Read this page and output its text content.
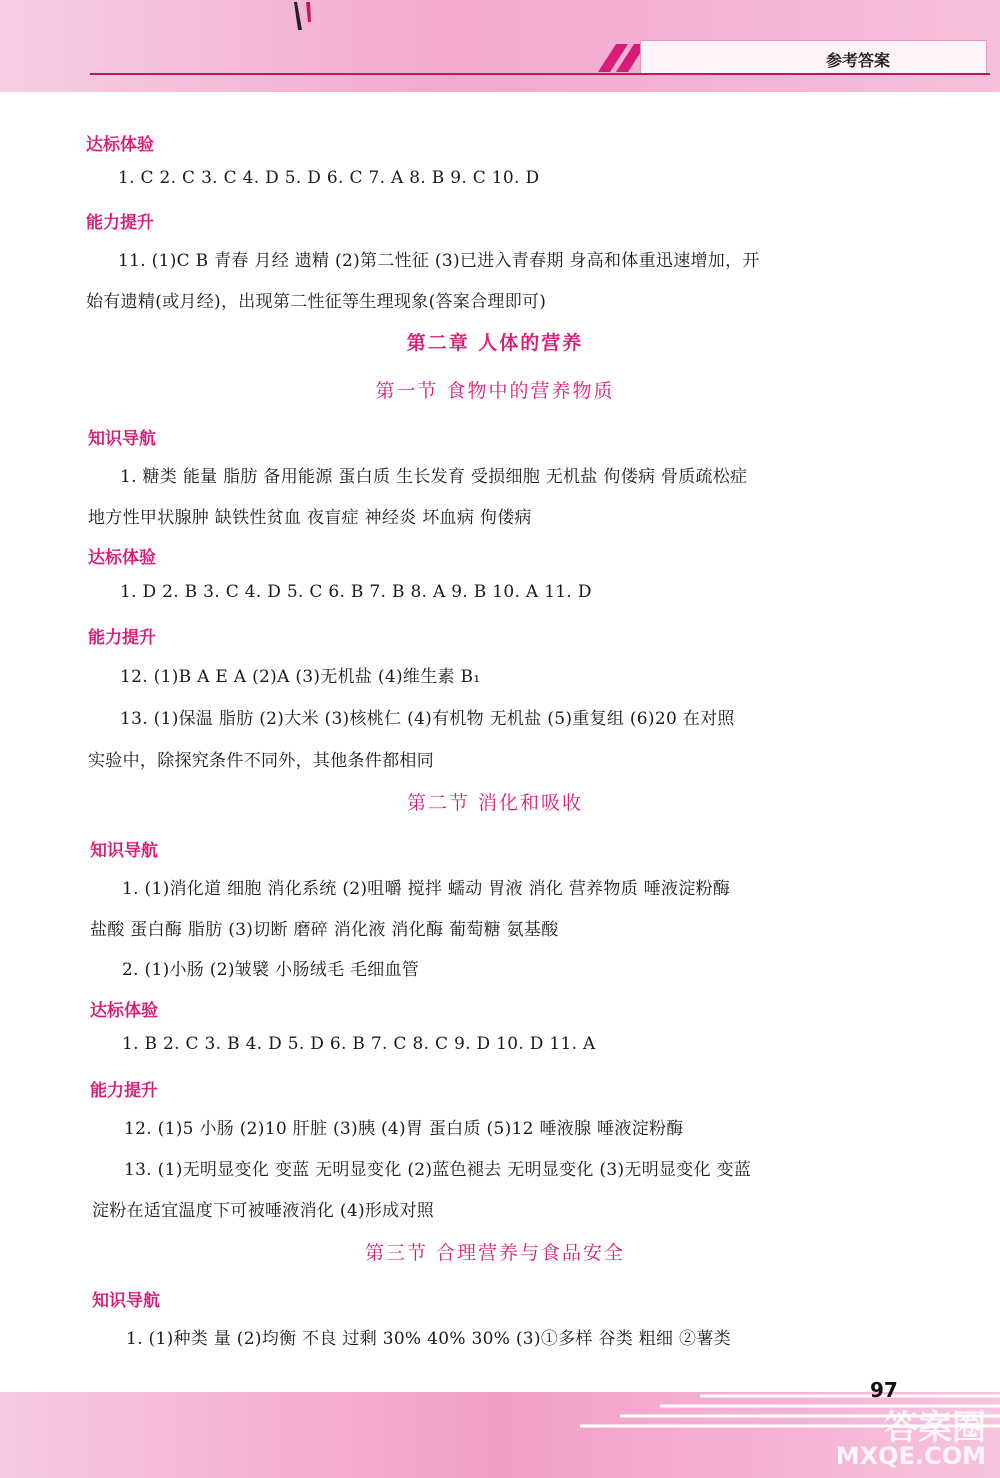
参考答案
达标体验
1. C 2. C 3. C 4. D 5. D 6. C 7. A 8. B 9. C 10. D
能力提升
11. (1)C B 青春 月经 遗精 (2)第二性征 (3)已进入青春期 身高和体重迅速增加，开
始有遗精(或月经)，出现第二性征等生理现象(答案合理即可)
第二章 人体的营养
第一节 食物中的营养物质
知识导航
1. 糖类 能量 脂肪 备用能源 蛋白质 生长发育 受损细胞 无机盐 佝偻病 骨质疏松症
地方性甲状腺肿 缺铁性贫血 夜盲症 神经炎 坏血病 佝偻病
达标体验
1. D 2. B 3. C 4. D 5. C 6. B 7. B 8. A 9. B 10. A 11. D
能力提升
12. (1)B A E A (2)A (3)无机盐 (4)维生素 B₁
13. (1)保温 脂肪 (2)大米 (3)核桃仁 (4)有机物 无机盐 (5)重复组 (6)20 在对照
实验中，除探究条件不同外，其他条件都相同
第二节 消化和吸收
知识导航
1. (1)消化道 细胞 消化系统 (2)咀嚼 搅拌 蠕动 胃液 消化 营养物质 唾液淀粉酶
盐酸 蛋白酶 脂肪 (3)切断 磨碎 消化液 消化酶 葡萄糖 氨基酸
2. (1)小肠 (2)皱襞 小肠绒毛 毛细血管
达标体验
1. B 2. C 3. B 4. D 5. D 6. B 7. C 8. C 9. D 10. D 11. A
能力提升
12. (1)5 小肠 (2)10 肝脏 (3)胰 (4)胃 蛋白质 (5)12 唾液腺 唾液淀粉酶
13. (1)无明显变化 变蓝 无明显变化 (2)蓝色褪去 无明显变化 (3)无明显变化 变蓝
淀粉在适宜温度下可被唾液消化 (4)形成对照
第三节 合理营养与食品安全
知识导航
1. (1)种类 量 (2)均衡 不良 过剩 30% 40% 30% (3)①多样 谷类 粗细 ②薯类
97
答案圈
MXQE.COM
